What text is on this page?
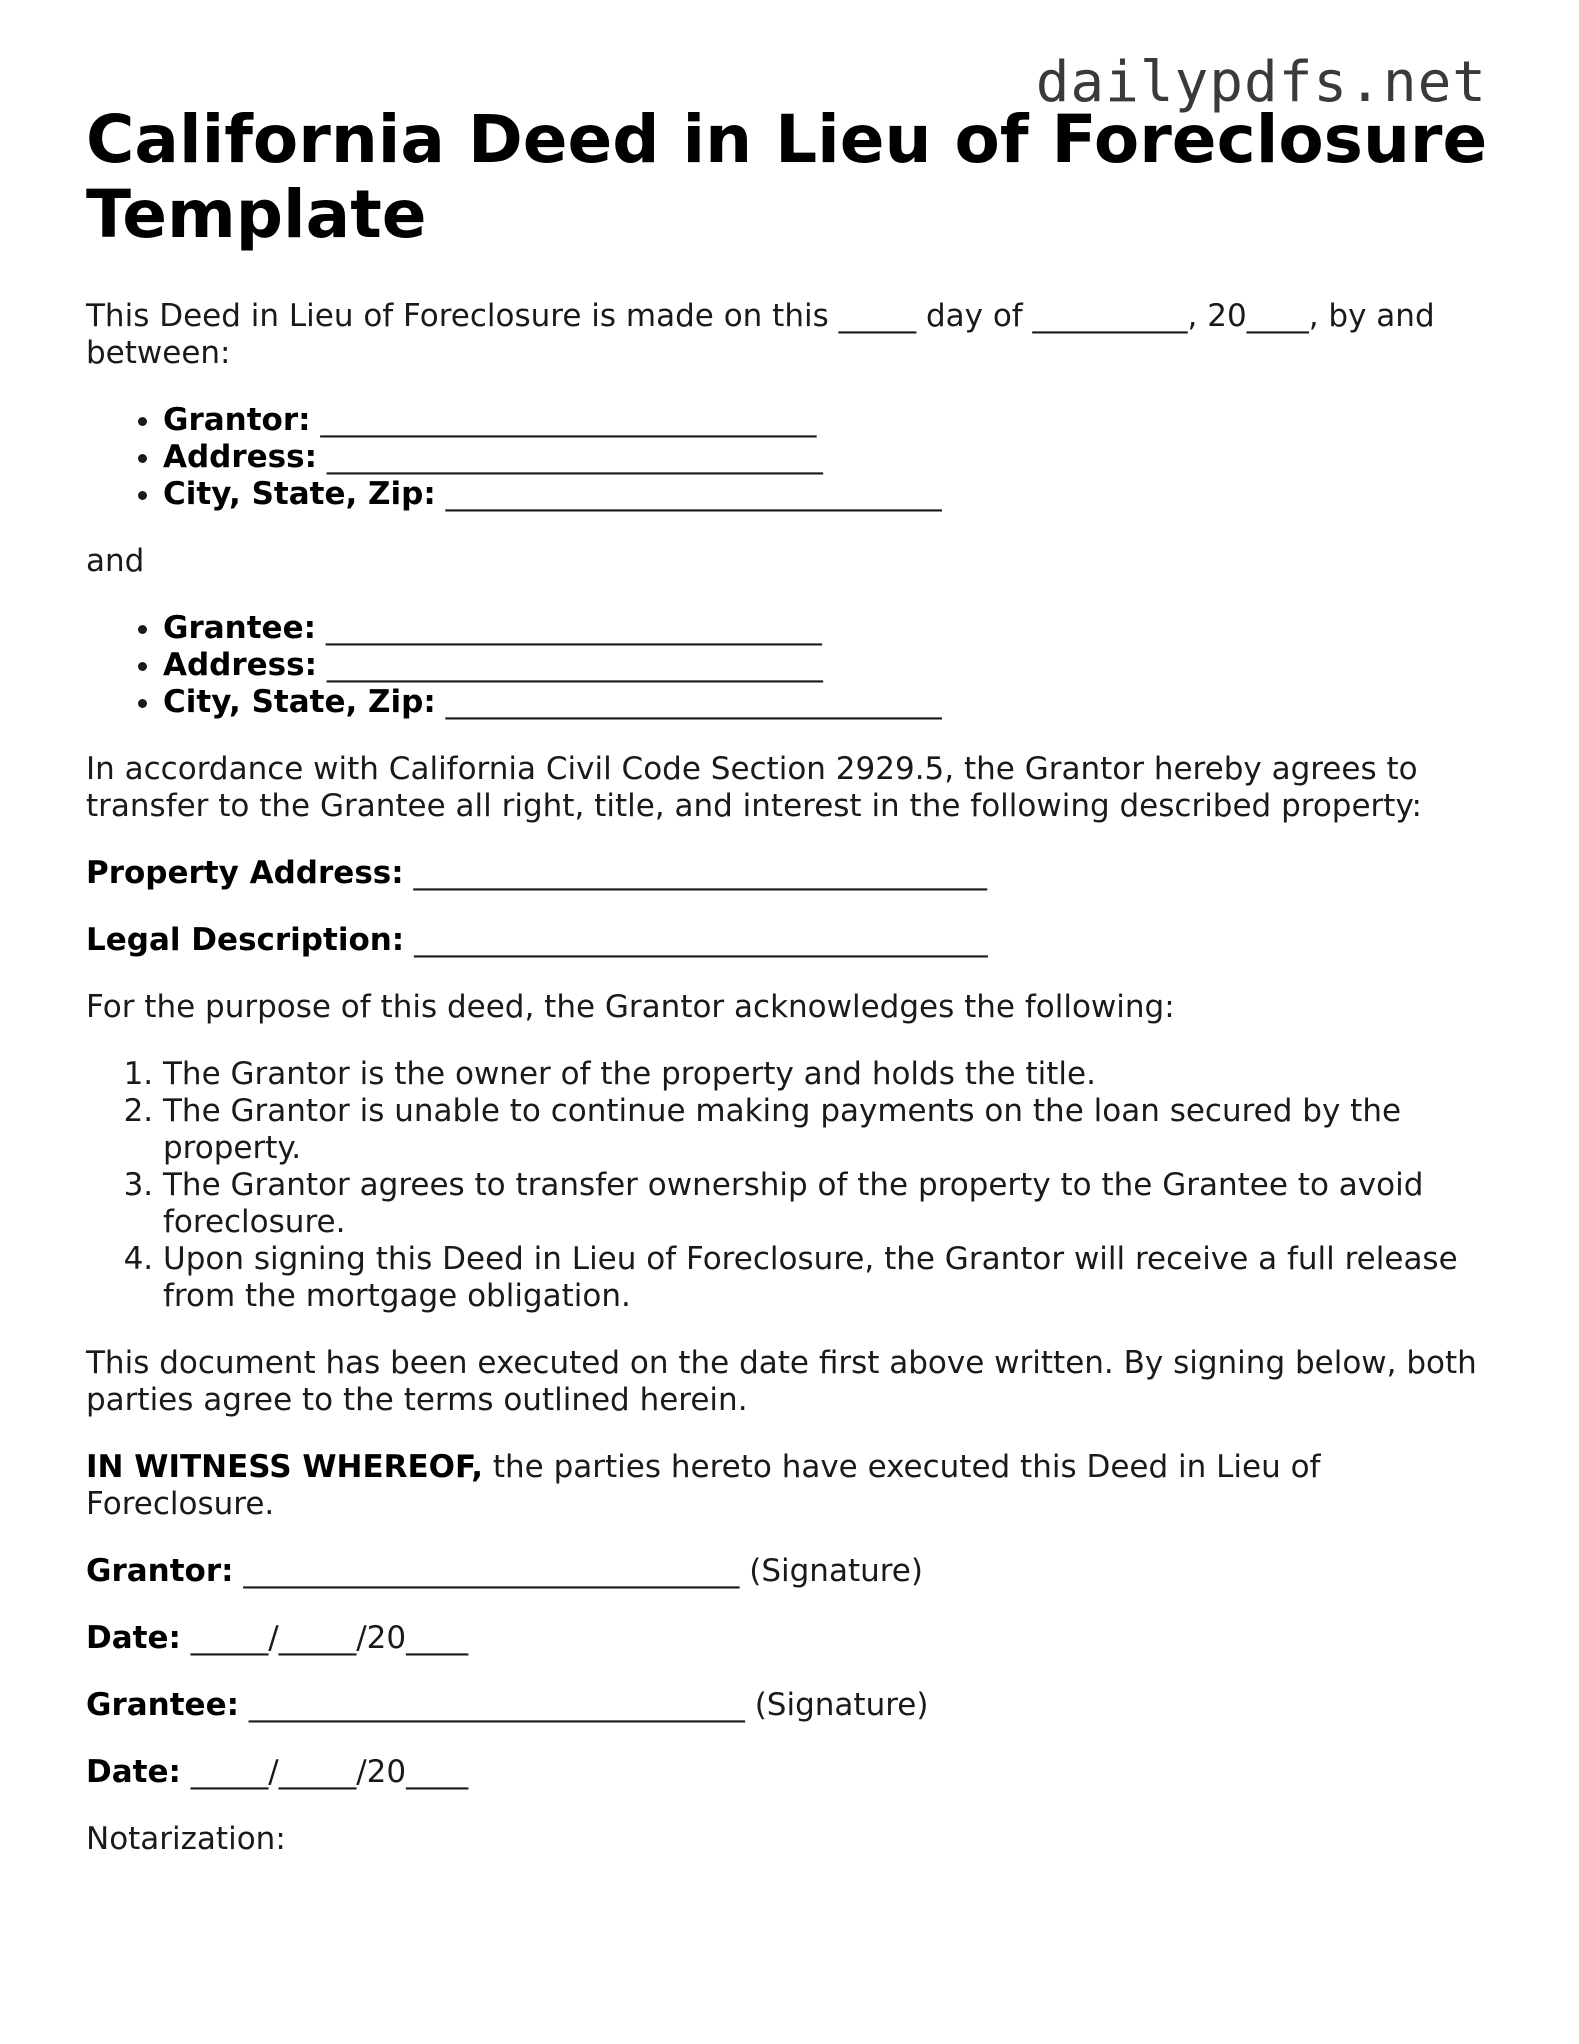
dailypdfs.net
California Deed in Lieu of Foreclosure Template

This Deed in Lieu of Foreclosure is made on this _____ day of __________, 20____, by and between:

• Grantor: ________________________________
• Address: ________________________________
• City, State, Zip: ________________________________

and

• Grantee: ________________________________
• Address: ________________________________
• City, State, Zip: ________________________________

In accordance with California Civil Code Section 2929.5, the Grantor hereby agrees to transfer to the Grantee all right, title, and interest in the following described property:

Property Address: _____________________________________

Legal Description: _____________________________________

For the purpose of this deed, the Grantor acknowledges the following:

1. The Grantor is the owner of the property and holds the title.
2. The Grantor is unable to continue making payments on the loan secured by the property.
3. The Grantor agrees to transfer ownership of the property to the Grantee to avoid foreclosure.
4. Upon signing this Deed in Lieu of Foreclosure, the Grantor will receive a full release from the mortgage obligation.

This document has been executed on the date first above written. By signing below, both parties agree to the terms outlined herein.

IN WITNESS WHEREOF, the parties hereto have executed this Deed in Lieu of Foreclosure.

Grantor: ________________________________ (Signature)

Date: _____/_____/20____

Grantee: ________________________________ (Signature)

Date: _____/_____/20____

Notarization:
